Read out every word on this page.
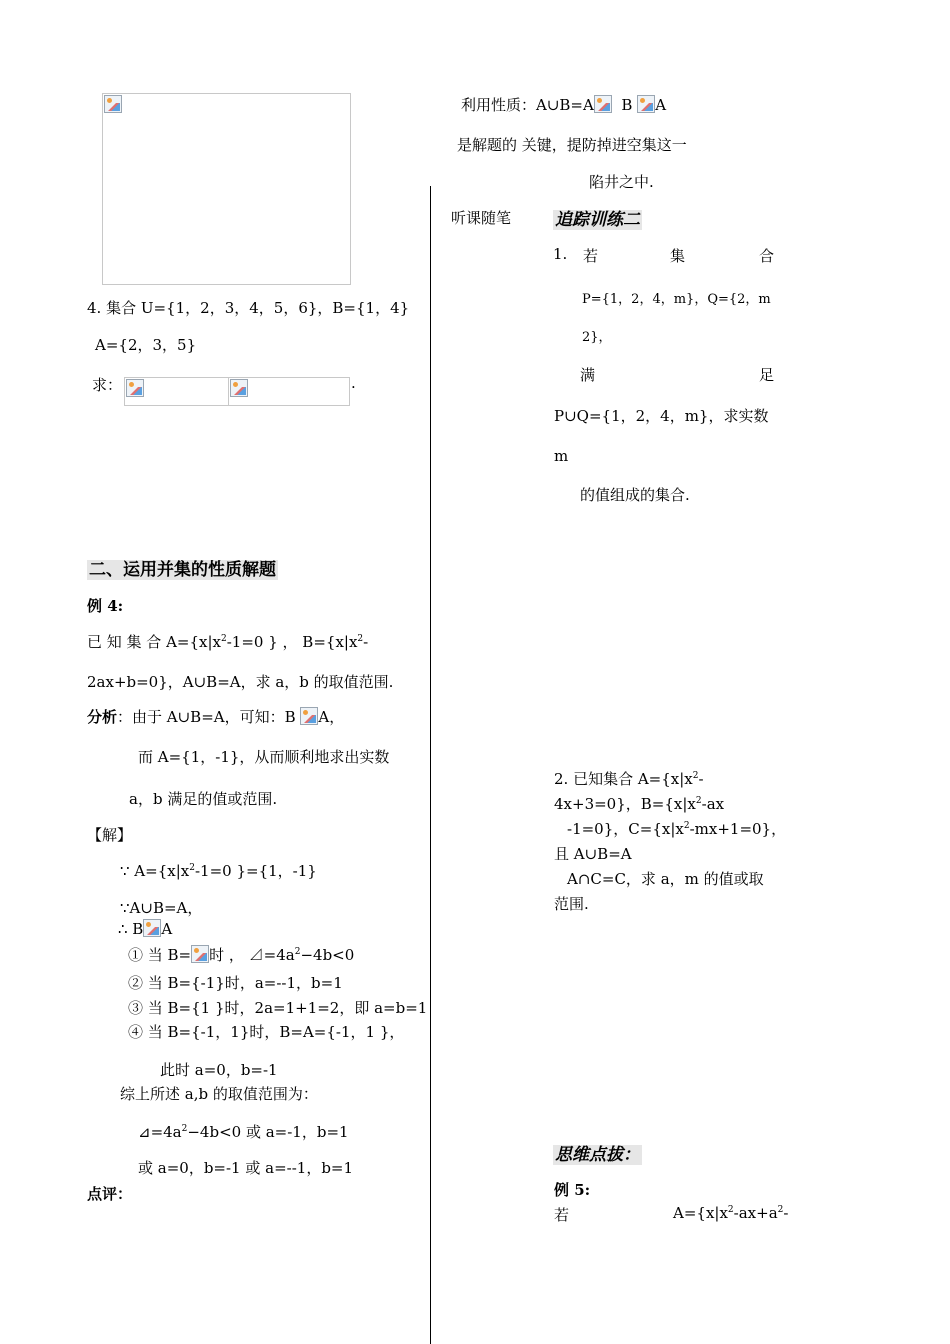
利用性质：A∪B=A B A
是解题的 关键，提防掉进空集这一
陷井之中.
听课随笔	追踪训练二
1. 若	集	合
P={1，2，4，m}，Q={2，m
2}，
满	足
P∪Q={1，2，4，m}，求实数
m
的值组成的集合.
2. 已知集合 $A=\{x|x^2-$
4x+3=0}，$B=\{x|x^2-ax$
-1=0}，$C=\{x|x^2-mx+1=0\}$，
且 A∪B=A
A∩C=C，求 a，m 的值或取
范围.
思维点拔：
例 5:
若	$A=\{x|x^2-ax+a^2-$
4. 集合 U={1，2，3，4，5，6}，B={1，4}
A={2，3，5}
求：	.
二、运用并集的性质解题
例 4:
已 知 集 合 $A=\{x|x^2-1=0$ } ， $B=\{x|x^2-$
2ax+b=0}，A∪B=A，求 a，b 的取值范围.
分析：由于 A∪B=A，可知：B A，
而 A={1，-1}，从而顺利地求出实数
a，b 满足的值或范围.
【解】
∵ $A=\{x|x^2-1=0$ }={1，-1}
∵A∪B=A，
∴ B A
① 当 B= 时 ， $⊿=4a^2-4b<0$
② 当 B={-1}时，a=--1，b=1
③ 当 B={1 }时，2a=1+1=2，即 a=b=1
④ 当 B={-1，1}时，B=A={-1，1 }，
此时 a=0，b=-1
综上所述 a,b 的取值范围为：
$⊿=4a^2-4b<0$ 或 a=-1，b=1
或 a=0，b=-1 或 a=--1，b=1
点评：
